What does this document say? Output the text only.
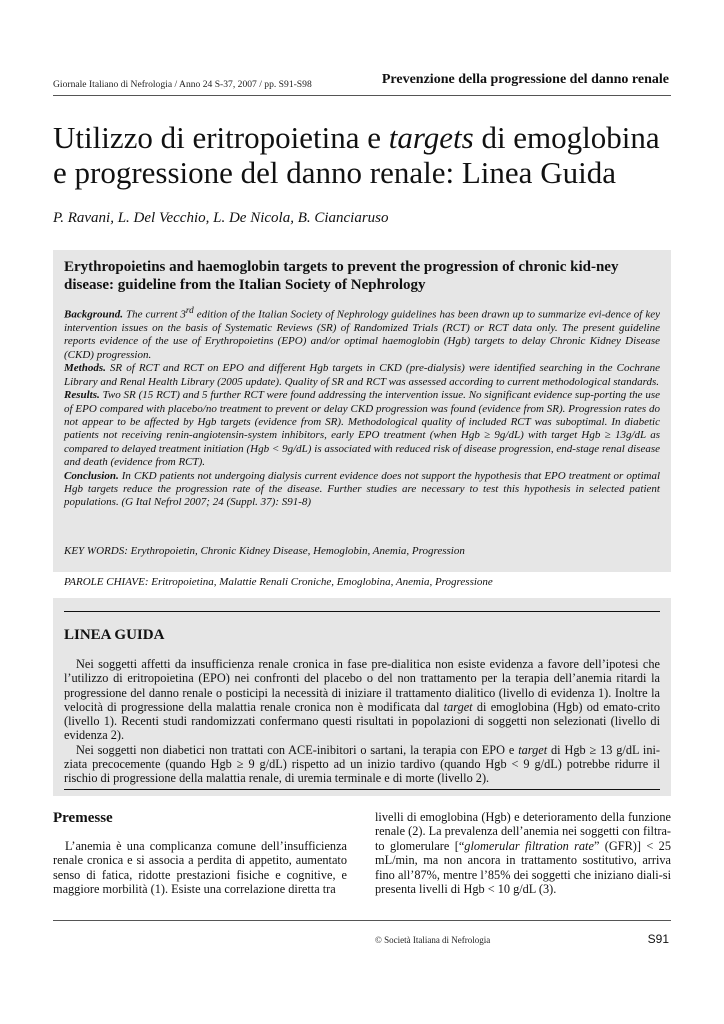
Giornale Italiano di Nefrologia / Anno 24 S-37, 2007 / pp. S91-S98	Prevenzione della progressione del danno renale
Utilizzo di eritropoietina e targets di emoglobina
e progressione del danno renale: Linea Guida
P. Ravani, L. Del Vecchio, L. De Nicola, B. Cianciaruso
Erythropoietins and haemoglobin targets to prevent the progression of chronic kid-ney disease: guideline from the Italian Society of Nephrology

Background. The current 3rd edition of the Italian Society of Nephrology guidelines has been drawn up to summarize evi-dence of key intervention issues on the basis of Systematic Reviews (SR) of Randomized Trials (RCT) or RCT data only. The present guideline reports evidence of the use of Erythropoietins (EPO) and/or optimal haemoglobin (Hgb) targets to delay Chronic Kidney Disease (CKD) progression.

Methods. SR of RCT and RCT on EPO and different Hgb targets in CKD (pre-dialysis) were identified searching in the Cochrane Library and Renal Health Library (2005 update). Quality of SR and RCT was assessed according to current methodological standards.

Results. Two SR (15 RCT) and 5 further RCT were found addressing the intervention issue. No significant evidence sup-porting the use of EPO compared with placebo/no treatment to prevent or delay CKD progression was found (evidence from SR). Progression rates do not appear to be affected by Hgb targets (evidence from SR). Methodological quality of included RCT was suboptimal. In diabetic patients not receiving renin-angiotensin-system inhibitors, early EPO treatment (when Hgb ≥ 9g/dL) with target Hgb ≥ 13g/dL as compared to delayed treatment initiation (Hgb < 9g/dL) is associated with reduced risk of disease progression, end-stage renal disease and death (evidence from RCT).

Conclusion. In CKD patients not undergoing dialysis current evidence does not support the hypothesis that EPO treatment or optimal Hgb targets reduce the progression rate of the disease. Further studies are necessary to test this hypothesis in selected patient populations. (G Ital Nefrol 2007; 24 (Suppl. 37): S91-8)

KEY WORDS: Erythropoietin, Chronic Kidney Disease, Hemoglobin, Anemia, Progression
PAROLE CHIAVE: Eritropoietina, Malattie Renali Croniche, Emoglobina, Anemia, Progressione
LINEA GUIDA

Nei soggetti affetti da insufficienza renale cronica in fase pre-dialitica non esiste evidenza a favore dell’ipotesi che l’utilizzo di eritropoietina (EPO) nei confronti del placebo o del non trattamento per la terapia dell’anemia ritardi la progressione del danno renale o posticipi la necessità di iniziare il trattamento dialitico (livello di evidenza 1). Inoltre la velocità di progressione della malattia renale cronica non è modificata dal target di emoglobina (Hgb) od emato-crito (livello 1). Recenti studi randomizzati confermano questi risultati in popolazioni di soggetti non selezionati (livello di evidenza 2).

Nei soggetti non diabetici non trattati con ACE-inibitori o sartani, la terapia con EPO e target di Hgb ≥ 13 g/dL ini-ziata precocemente (quando Hgb ≥ 9 g/dL) rispetto ad un inizio tardivo (quando Hgb < 9 g/dL) potrebbe ridurre il rischio di progressione della malattia renale, di uremia terminale e di morte (livello 2).

Premesse

L’anemia è una complicanza comune dell’insufficienza renale cronica e si associa a perdita di appetito, aumentato senso di fatica, ridotte prestazioni fisiche e cognitive, e maggiore morbilità (1). Esiste una correlazione diretta tra

livelli di emoglobina (Hgb) e deterioramento della funzione renale (2). La prevalenza dell’anemia nei soggetti con filtra-to glomerulare [“glomerular filtration rate” (GFR)] < 25 mL/min, ma non ancora in trattamento sostitutivo, arriva fino all’87%, mentre l’85% dei soggetti che iniziano diali-si presenta livelli di Hgb < 10 g/dL (3).

© Società Italiana di Nefrologia	S91
